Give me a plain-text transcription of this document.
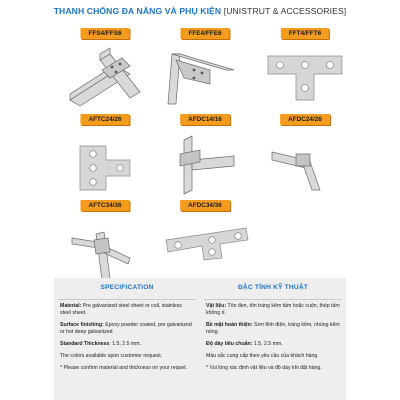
THANH CHỐNG ĐA NĂNG VÀ PHỤ KIỆN [UNISTRUT & ACCESSORIES]
FFS4/FFS6	FFE4/FFE6	FFT4/FFT6
AFTC24/26	AFDC14/16	AFDC24/26
AFTC34/36	AFDC34/36
SPECIFICATION

Material: Pre galvanized steel sheet or coil, stainless steel sheet.

Surface finishing: Epoxy powder coated, pre galvanized or hot deep galvanized

Standard Thickness: 1.5, 2.5 mm.

The colors available upon customer request.

* Please confirm material and thickness on your requet.

ĐẶC TÍNH KỸ THUẬT

Vật liệu: Tôn đen, tôn tráng kẽm tấm hoặc cuộn, thép tấm không rỉ.

Bề mặt hoàn thiện: Sơn tĩnh điện, tráng kẽm, nhúng kẽm nóng.

Độ dày tiêu chuẩn: 1.5, 2.5 mm.

Màu sắc cung cấp theo yêu cầu của khách hàng.

* Vui lòng xác định vật liệu và độ dày khi đặt hàng.
